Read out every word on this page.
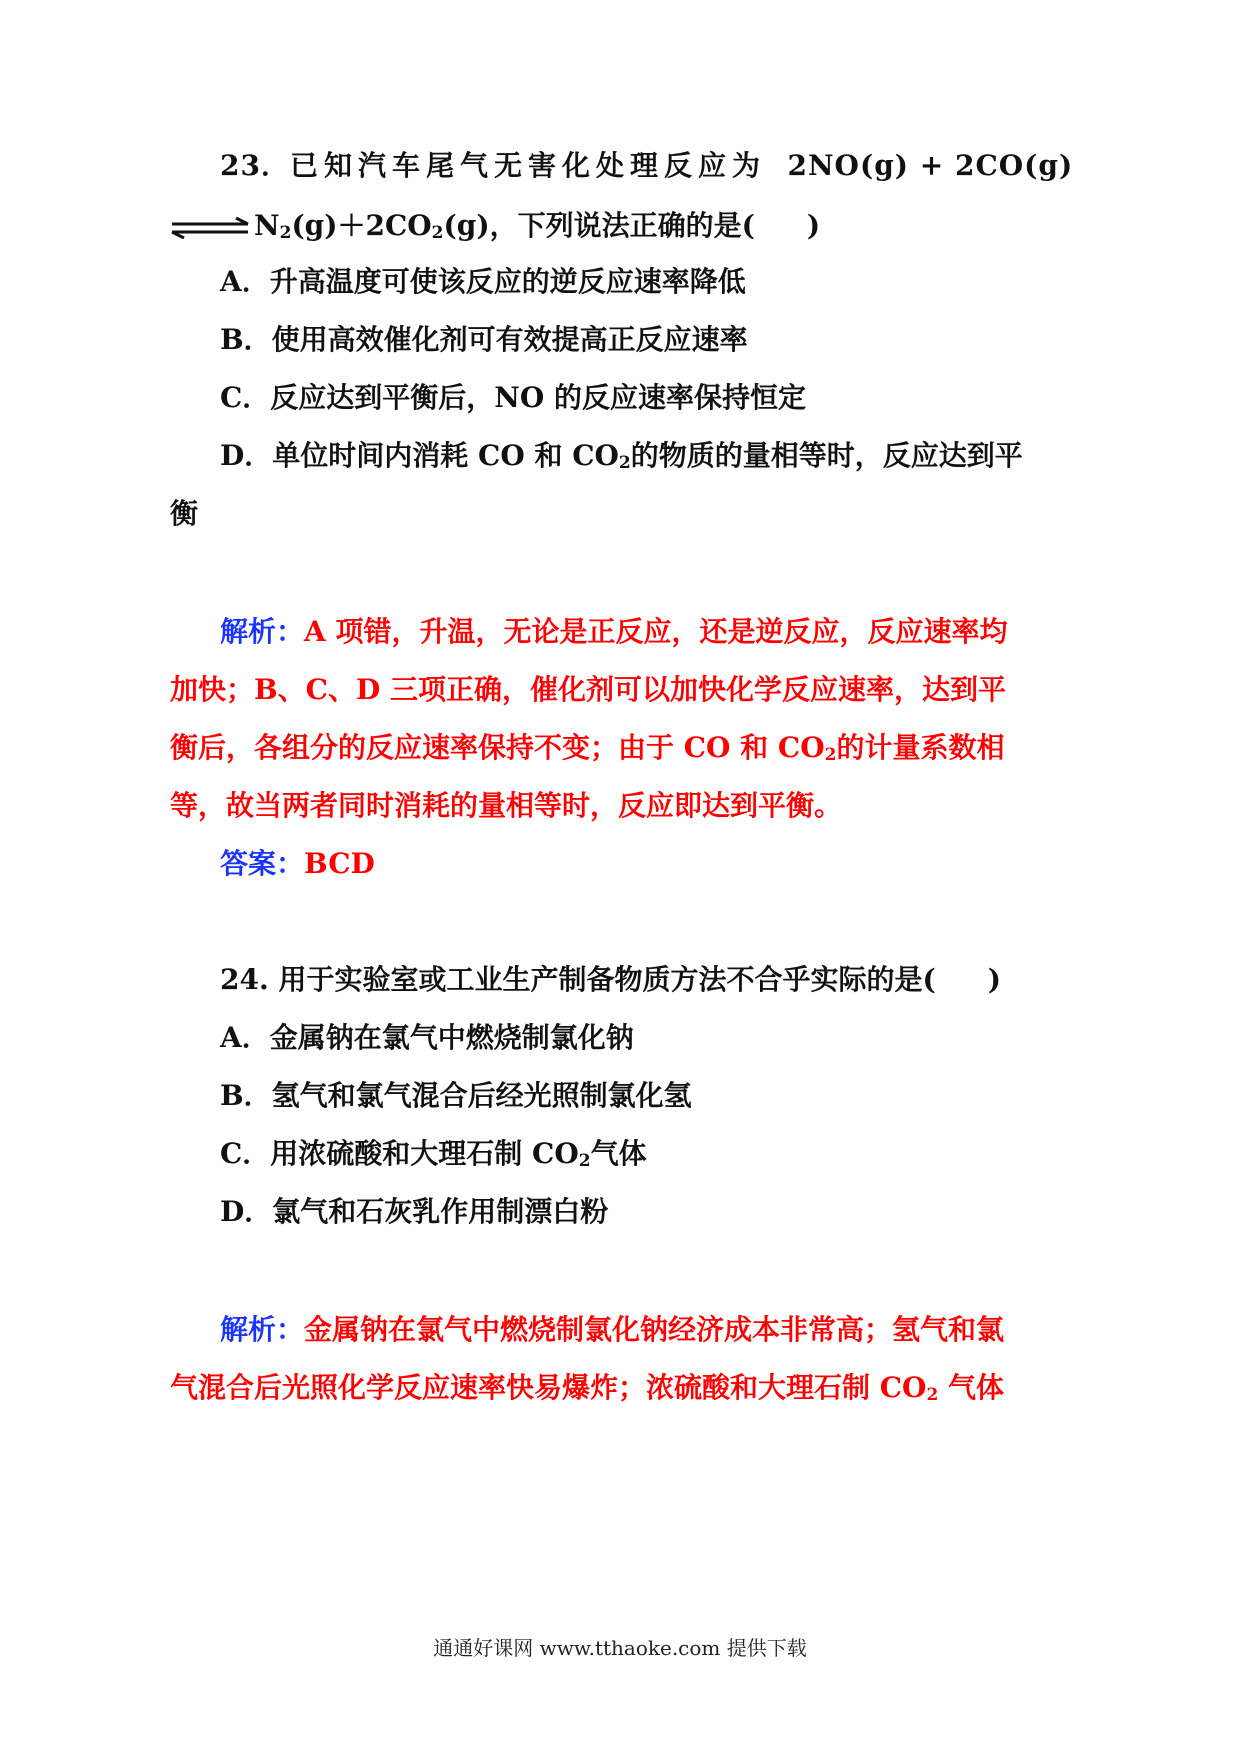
23．已知汽车尾气无害化处理反应为 2NO(g) + 2CO(g)
⇌ $N_2(g)+2CO_2(g)$，下列说法正确的是( )
A．升高温度可使该反应的逆反应速率降低
B．使用高效催化剂可有效提高正反应速率
C．反应达到平衡后，NO 的反应速率保持恒定
D．单位时间内消耗 CO 和 $CO_2$的物质的量相等时，反应达到平
衡
解析：A 项错，升温，无论是正反应，还是逆反应，反应速率均
加快；B、C、D 三项正确，催化剂可以加快化学反应速率，达到平
衡后，各组分的反应速率保持不变；由于 CO 和 $CO_2$的计量系数相
等，故当两者同时消耗的量相等时，反应即达到平衡。
答案：BCD
24. 用于实验室或工业生产制备物质方法不合乎实际的是( )
A．金属钠在氯气中燃烧制氯化钠
B．氢气和氯气混合后经光照制氯化氢
C．用浓硫酸和大理石制 $CO_2$气体
D．氯气和石灰乳作用制漂白粉
解析：金属钠在氯气中燃烧制氯化钠经济成本非常高；氢气和氯
气混合后光照化学反应速率快易爆炸；浓硫酸和大理石制 $CO_2$ 气体
通通好课网 www.tthaoke.com 提供下载
